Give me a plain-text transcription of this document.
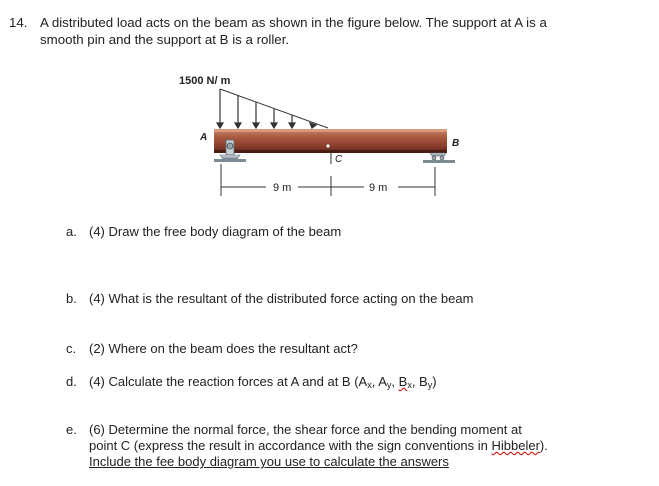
14. A distributed load acts on the beam as shown in the figure below. The support at A is a
smooth pin and the support at B is a roller.
1500 N/ m
C
A
B
9 m	9 m
a. (4) Draw the free body diagram of the beam
b. (4) What is the resultant of the distributed force acting on the beam
c. (2) Where on the beam does the resultant act?
d. (4) Calculate the reaction forces at A and at B ($A_x$, $A_y$, $B_x$, $B_y$)
e. (6) Determine the normal force, the shear force and the bending moment at
point C (express the result in accordance with the sign conventions in Hibbeler).
Include the fee body diagram you use to calculate the answers
